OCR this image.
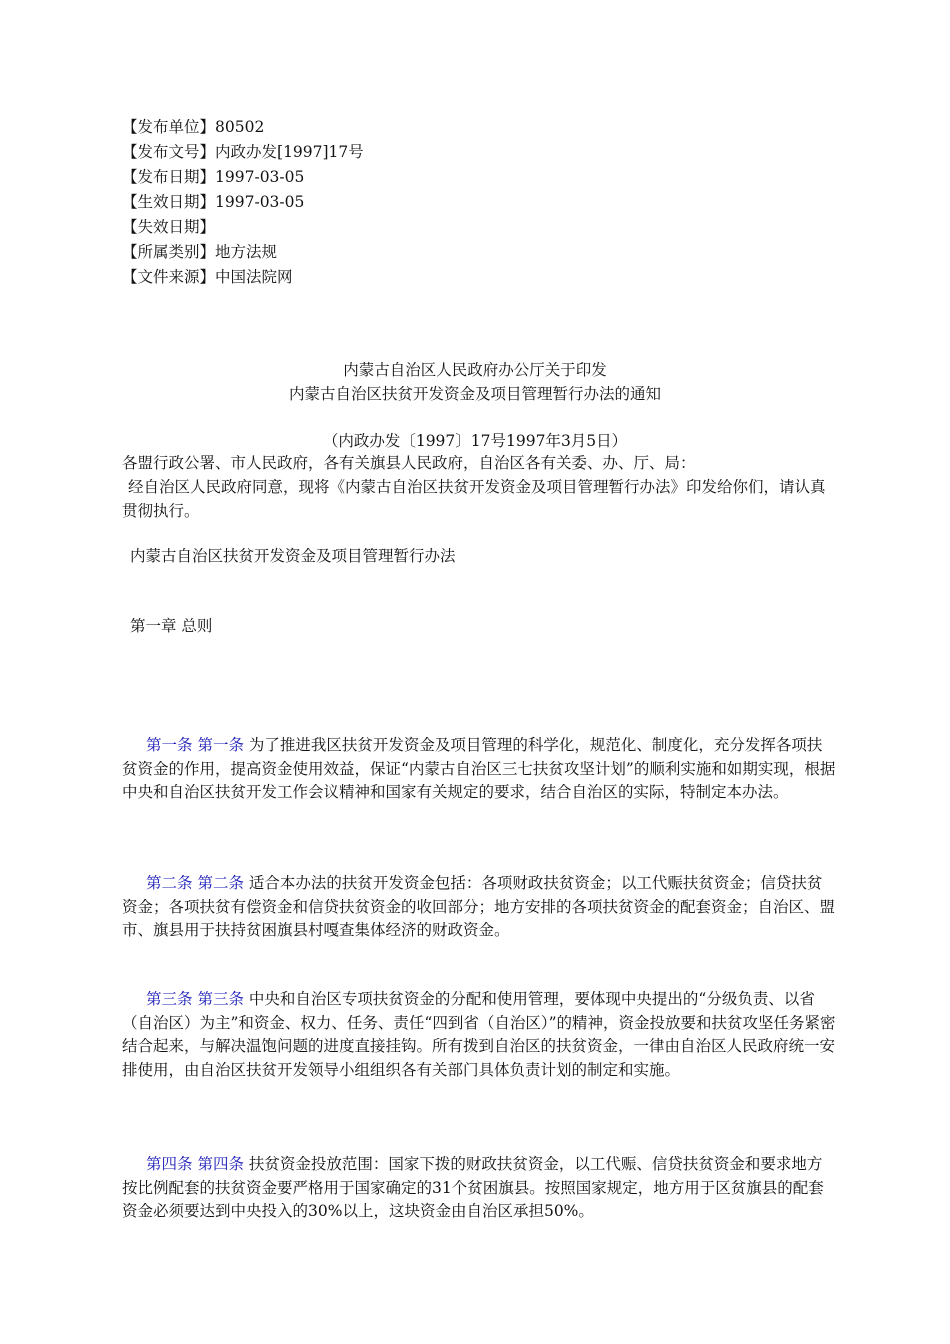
【发布单位】80502
【发布文号】内政办发[1997]17号
【发布日期】1997-03-05
【生效日期】1997-03-05
【失效日期】
【所属类别】地方法规
【文件来源】中国法院网
内蒙古自治区人民政府办公厅关于印发
内蒙古自治区扶贫开发资金及项目管理暂行办法的通知
（内政办发〔1997〕17号1997年3月5日）
各盟行政公署、市人民政府，各有关旗县人民政府，自治区各有关委、办、厅、局：
经自治区人民政府同意，现将《内蒙古自治区扶贫开发资金及项目管理暂行办法》印发给你们，请认真贯彻执行。
内蒙古自治区扶贫开发资金及项目管理暂行办法
第一章 总则
第一条 第一条 为了推进我区扶贫开发资金及项目管理的科学化，规范化、制度化，充分发挥各项扶贫资金的作用，提高资金使用效益，保证“内蒙古自治区三七扶贫攻坚计划”的顺利实施和如期实现，根据中央和自治区扶贫开发工作会议精神和国家有关规定的要求，结合自治区的实际，特制定本办法。
第二条 第二条 适合本办法的扶贫开发资金包括：各项财政扶贫资金；以工代赈扶贫资金；信贷扶贫资金；各项扶贫有偿资金和信贷扶贫资金的收回部分；地方安排的各项扶贫资金的配套资金；自治区、盟市、旗县用于扶持贫困旗县村嘎查集体经济的财政资金。
第三条 第三条 中央和自治区专项扶贫资金的分配和使用管理，要体现中央提出的“分级负责、以省（自治区）为主”和资金、权力、任务、责任“四到省（自治区）”的精神，资金投放要和扶贫攻坚任务紧密结合起来，与解决温饱问题的进度直接挂钩。所有拨到自治区的扶贫资金，一律由自治区人民政府统一安排使用，由自治区扶贫开发领导小组组织各有关部门具体负责计划的制定和实施。
第四条 第四条 扶贫资金投放范围：国家下拨的财政扶贫资金，以工代赈、信贷扶贫资金和要求地方按比例配套的扶贫资金要严格用于国家确定的31个贫困旗县。按照国家规定，地方用于区贫旗县的配套资金必须要达到中央投入的30%以上，这块资金由自治区承担50%。
